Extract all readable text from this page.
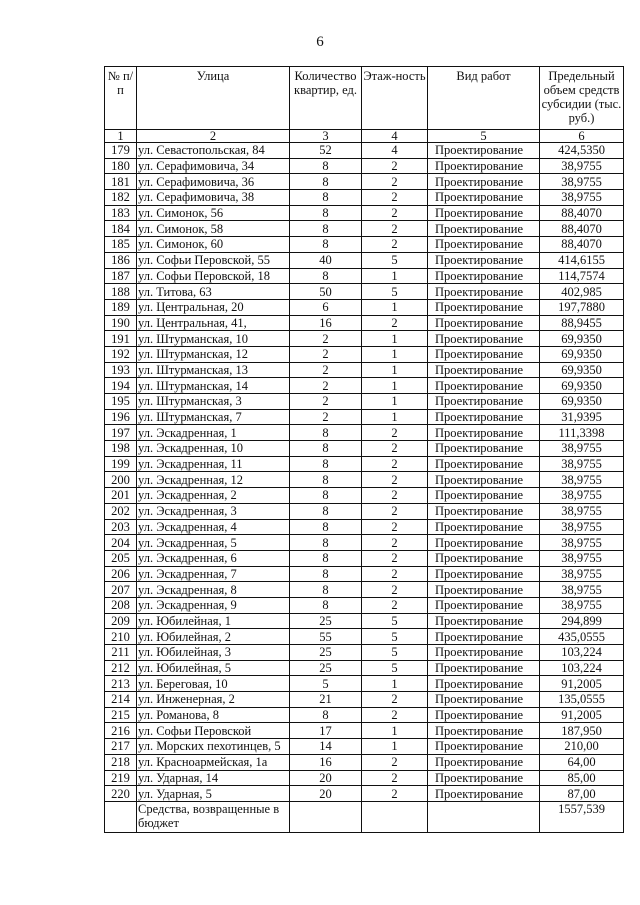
6
№ п/п	Улица	Количество квартир, ед.	Этаж-ность	Вид работ	Предельный объем средств субсидии (тыс. руб.)
1	2	3	4	5	6
179	ул. Севастопольская, 84	52	4	Проектирование	424,5350
180	ул. Серафимовича, 34	8	2	Проектирование	38,9755
181	ул. Серафимовича, 36	8	2	Проектирование	38,9755
182	ул. Серафимовича, 38	8	2	Проектирование	38,9755
183	ул. Симонок, 56	8	2	Проектирование	88,4070
184	ул. Симонок, 58	8	2	Проектирование	88,4070
185	ул. Симонок, 60	8	2	Проектирование	88,4070
186	ул. Софьи Перовской, 55	40	5	Проектирование	414,6155
187	ул. Софьи Перовской, 18	8	1	Проектирование	114,7574
188	ул. Титова, 63	50	5	Проектирование	402,985
189	ул. Центральная, 20	6	1	Проектирование	197,7880
190	ул. Центральная, 41,	16	2	Проектирование	88,9455
191	ул. Штурманская, 10	2	1	Проектирование	69,9350
192	ул. Штурманская, 12	2	1	Проектирование	69,9350
193	ул. Штурманская, 13	2	1	Проектирование	69,9350
194	ул. Штурманская, 14	2	1	Проектирование	69,9350
195	ул. Штурманская, 3	2	1	Проектирование	69,9350
196	ул. Штурманская, 7	2	1	Проектирование	31,9395
197	ул. Эскадренная, 1	8	2	Проектирование	111,3398
198	ул. Эскадренная, 10	8	2	Проектирование	38,9755
199	ул. Эскадренная, 11	8	2	Проектирование	38,9755
200	ул. Эскадренная, 12	8	2	Проектирование	38,9755
201	ул. Эскадренная, 2	8	2	Проектирование	38,9755
202	ул. Эскадренная, 3	8	2	Проектирование	38,9755
203	ул. Эскадренная, 4	8	2	Проектирование	38,9755
204	ул. Эскадренная, 5	8	2	Проектирование	38,9755
205	ул. Эскадренная, 6	8	2	Проектирование	38,9755
206	ул. Эскадренная, 7	8	2	Проектирование	38,9755
207	ул. Эскадренная, 8	8	2	Проектирование	38,9755
208	ул. Эскадренная, 9	8	2	Проектирование	38,9755
209	ул. Юбилейная, 1	25	5	Проектирование	294,899
210	ул. Юбилейная, 2	55	5	Проектирование	435,0555
211	ул. Юбилейная, 3	25	5	Проектирование	103,224
212	ул. Юбилейная, 5	25	5	Проектирование	103,224
213	ул. Береговая, 10	5	1	Проектирование	91,2005
214	ул. Инженерная, 2	21	2	Проектирование	135,0555
215	ул. Романова, 8	8	2	Проектирование	91,2005
216	ул. Софьи Перовской	17	1	Проектирование	187,950
217	ул. Морских пехотинцев, 5	14	1	Проектирование	210,00
218	ул. Красноармейская, 1а	16	2	Проектирование	64,00
219	ул. Ударная, 14	20	2	Проектирование	85,00
220	ул. Ударная, 5	20	2	Проектирование	87,00
	Средства, возвращенные в бюджет				1557,539
